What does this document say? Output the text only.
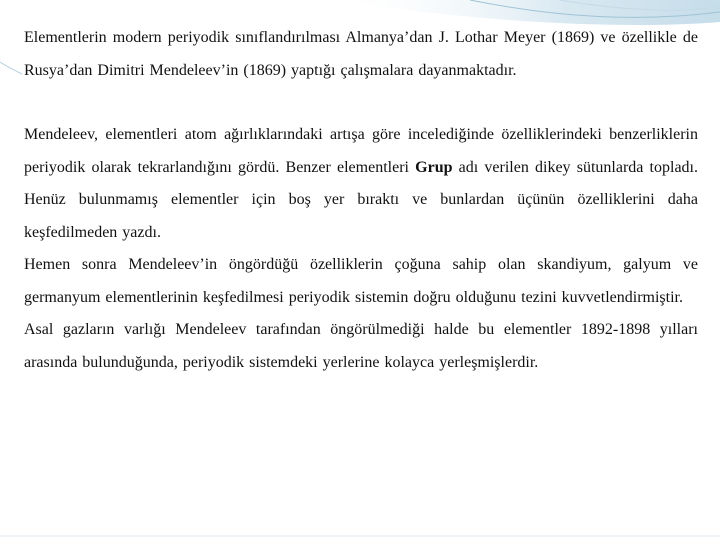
Elementlerin modern periyodik sınıflandırılması Almanya’dan J. Lothar Meyer (1869) ve özellikle de Rusya’dan Dimitri Mendeleev’in (1869) yaptığı çalışmalara dayanmaktadır.

Mendeleev, elementleri atom ağırlıklarındaki artışa göre incelediğinde özelliklerindeki benzerliklerin periyodik olarak tekrarlandığını gördü. Benzer elementleri Grup adı verilen dikey sütunlarda topladı. Henüz bulunmamış elementler için boş yer bıraktı ve bunlardan üçünün özelliklerini daha keşfedilmeden yazdı.

Hemen sonra Mendeleev’in öngördüğü özelliklerin çoğuna sahip olan skandiyum, galyum ve germanyum elementlerinin keşfedilmesi periyodik sistemin doğru olduğunu tezini kuvvetlendirmiştir.

Asal gazların varlığı Mendeleev tarafından öngörülmediği halde bu elementler 1892-1898 yılları arasında bulunduğunda, periyodik sistemdeki yerlerine kolayca yerleşmişlerdir.
